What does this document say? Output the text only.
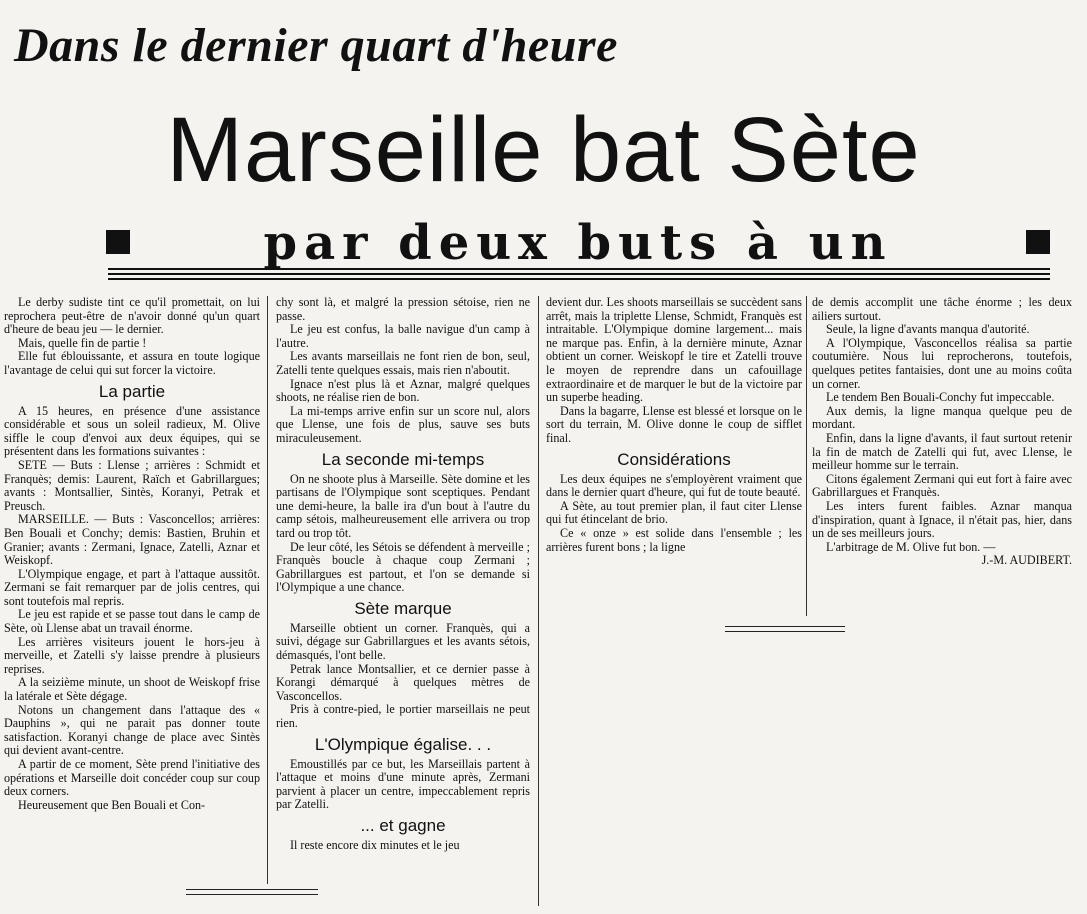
Dans le dernier quart d'heure
Marseille bat Sète
par deux buts à un

Le derby sudiste tint ce qu'il promettait, on lui reprochera peut-être de n'avoir donné qu'un quart d'heure de beau jeu — le dernier.

Mais, quelle fin de partie !

Elle fut éblouissante, et assura en toute logique l'avantage de celui qui sut forcer la victoire.

La partie

A 15 heures, en présence d'une assistance considérable et sous un soleil radieux, M. Olive siffle le coup d'envoi aux deux équipes, qui se présentent dans les formations suivantes :

SETE — Buts : Llense ; arrières : Schmidt et Franquès; demis: Laurent, Raïch et Gabrillargues; avants : Montsallier, Sintès, Koranyi, Petrak et Preusch.

MARSEILLE. — Buts : Vasconcellos; arrières: Ben Bouali et Conchy; demis: Bastien, Bruhin et Granier; avants : Zermani, Ignace, Zatelli, Aznar et Weiskopf.

L'Olympique engage, et part à l'attaque aussitôt. Zermani se fait remarquer par de jolis centres, qui sont toutefois mal repris.

Le jeu est rapide et se passe tout dans le camp de Sète, où Llense abat un travail énorme.

Les arrières visiteurs jouent le hors-jeu à merveille, et Zatelli s'y laisse prendre à plusieurs reprises.

A la seizième minute, un shoot de Weiskopf frise la latérale et Sète dégage.

Notons un changement dans l'attaque des « Dauphins », qui ne parait pas donner toute satisfaction. Koranyi change de place avec Sintès qui devient avant-centre.

A partir de ce moment, Sète prend l'initiative des opérations et Marseille doit concéder coup sur coup deux corners.

Heureusement que Ben Bouali et Con-

chy sont là, et malgré la pression sétoise, rien ne passe.

Le jeu est confus, la balle navigue d'un camp à l'autre.

Les avants marseillais ne font rien de bon, seul, Zatelli tente quelques essais, mais rien n'aboutit.

Ignace n'est plus là et Aznar, malgré quelques shoots, ne réalise rien de bon.

La mi-temps arrive enfin sur un score nul, alors que Llense, une fois de plus, sauve ses buts miraculeusement.

La seconde mi-temps

On ne shoote plus à Marseille. Sète domine et les partisans de l'Olympique sont sceptiques. Pendant une demi-heure, la balle ira d'un bout à l'autre du camp sétois, malheureusement elle arrivera ou trop tard ou trop tôt.

De leur côté, les Sétois se défendent à merveille ; Franquès boucle à chaque coup Zermani ; Gabrillargues est partout, et l'on se demande si l'Olympique a une chance.

Sète marque

Marseille obtient un corner. Franquès, qui a suivi, dégage sur Gabrillargues et les avants sétois, démasqués, l'ont belle.

Petrak lance Montsallier, et ce dernier passe à Korangi démarqué à quelques mètres de Vasconcellos.

Pris à contre-pied, le portier marseillais ne peut rien.

L'Olympique égalise. . .

Emoustillés par ce but, les Marseillais partent à l'attaque et moins d'une minute après, Zermani parvient à placer un centre, impeccablement repris par Zatelli.

... et gagne

Il reste encore dix minutes et le jeu

devient dur. Les shoots marseillais se succèdent sans arrêt, mais la triplette Llense, Schmidt, Franquès est intraitable. L'Olympique domine largement... mais ne marque pas. Enfin, à la dernière minute, Aznar obtient un corner. Weiskopf le tire et Zatelli trouve le moyen de reprendre dans un cafouillage extraordinaire et de marquer le but de la victoire par un superbe heading.

Dans la bagarre, Llense est blessé et lorsque on le sort du terrain, M. Olive donne le coup de sifflet final.

Considérations

Les deux équipes ne s'employèrent vraiment que dans le dernier quart d'heure, qui fut de toute beauté.

A Sète, au tout premier plan, il faut citer Llense qui fut étincelant de brio.

Ce « onze » est solide dans l'ensemble ; les arrières furent bons ; la ligne

de demis accomplit une tâche énorme ; les deux ailiers surtout.

Seule, la ligne d'avants manqua d'autorité.

A l'Olympique, Vasconcellos réalisa sa partie coutumière. Nous lui reprocherons, toutefois, quelques petites fantaisies, dont une au moins coûta un corner.

Le tendem Ben Bouali-Conchy fut impeccable.

Aux demis, la ligne manqua quelque peu de mordant.

Enfin, dans la ligne d'avants, il faut surtout retenir la fin de match de Zatelli qui fut, avec Llense, le meilleur homme sur le terrain.

Citons également Zermani qui eut fort à faire avec Gabrillargues et Franquès.

Les inters furent faibles. Aznar manqua d'inspiration, quant à Ignace, il n'était pas, hier, dans un de ses meilleurs jours.

L'arbitrage de M. Olive fut bon. —

J.-M. AUDIBERT.
